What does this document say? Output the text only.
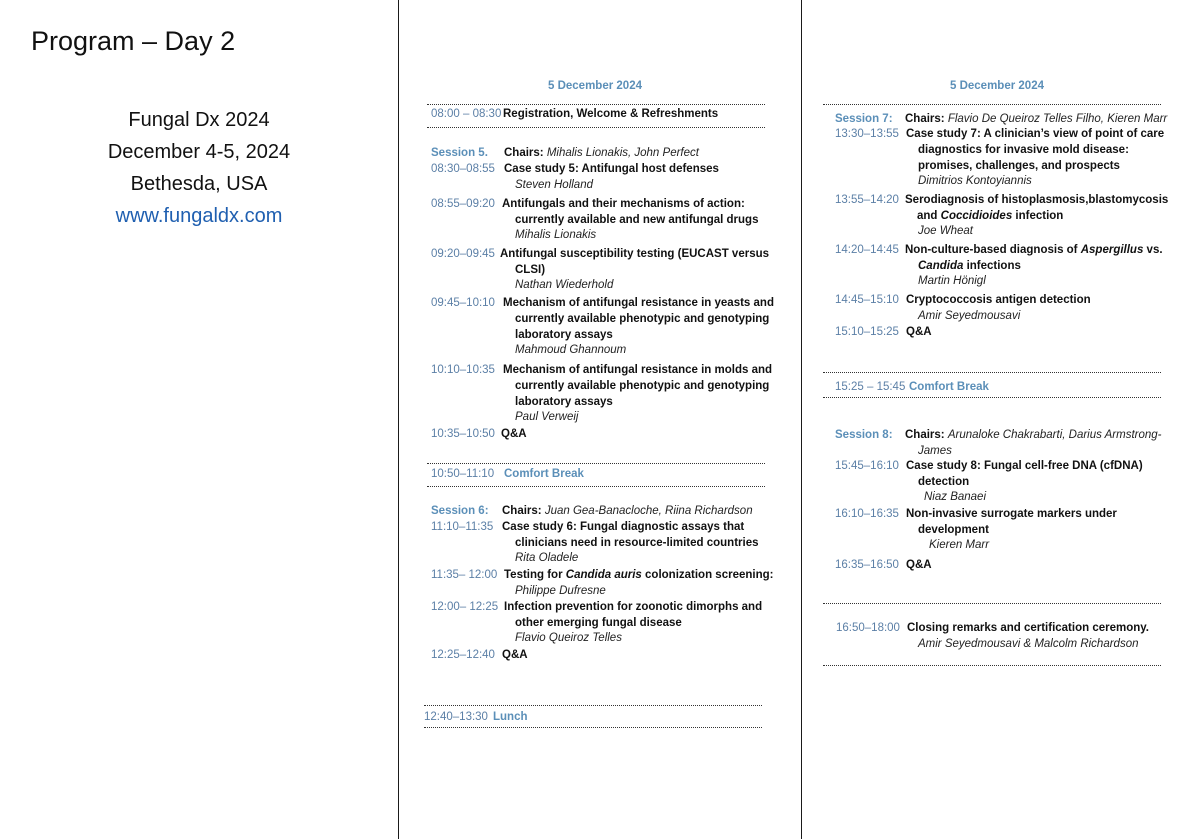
Program – Day 2
Fungal Dx 2024
December 4-5, 2024
Bethesda, USA
www.fungaldx.com
5 December 2024
08:00 – 08:30 Registration, Welcome & Refreshments
Session 5. Chairs: Mihalis Lionakis, John Perfect
08:30–08:55 Case study 5: Antifungal host defenses
Steven Holland
08:55–09:20 Antifungals and their mechanisms of action:
currently available and new antifungal drugs
Mihalis Lionakis
09:20–09:45 Antifungal susceptibility testing (EUCAST versus
CLSI)
Nathan Wiederhold
09:45–10:10 Mechanism of antifungal resistance in yeasts and
currently available phenotypic and genotyping
laboratory assays
Mahmoud Ghannoum
10:10–10:35 Mechanism of antifungal resistance in molds and
currently available phenotypic and genotyping
laboratory assays
Paul Verweij
10:35–10:50 Q&A
10:50–11:10 Comfort Break
Session 6: Chairs: Juan Gea-Banacloche, Riina Richardson
11:10–11:35 Case study 6: Fungal diagnostic assays that
clinicians need in resource-limited countries
Rita Oladele
11:35– 12:00 Testing for Candida auris colonization screening:
Philippe Dufresne
12:00– 12:25 Infection prevention for zoonotic dimorphs and
other emerging fungal disease
Flavio Queiroz Telles
12:25–12:40 Q&A
12:40–13:30 Lunch
5 December 2024
Session 7: Chairs: Flavio De Queiroz Telles Filho, Kieren Marr
13:30–13:55 Case study 7: A clinician’s view of point of care
diagnostics for invasive mold disease:
promises, challenges, and prospects
Dimitrios Kontoyiannis
13:55–14:20 Serodiagnosis of histoplasmosis,blastomycosis
and Coccidioides infection
Joe Wheat
14:20–14:45 Non-culture-based diagnosis of Aspergillus vs.
Candida infections
Martin Hönigl
14:45–15:10 Cryptococcosis antigen detection
Amir Seyedmousavi
15:10–15:25 Q&A
15:25 – 15:45 Comfort Break
Session 8: Chairs: Arunaloke Chakrabarti, Darius Armstrong-
James
15:45–16:10 Case study 8: Fungal cell-free DNA (cfDNA)
detection
Niaz Banaei
16:10–16:35 Non-invasive surrogate markers under
development
Kieren Marr
16:35–16:50 Q&A
16:50–18:00 Closing remarks and certification ceremony.
Amir Seyedmousavi & Malcolm Richardson
